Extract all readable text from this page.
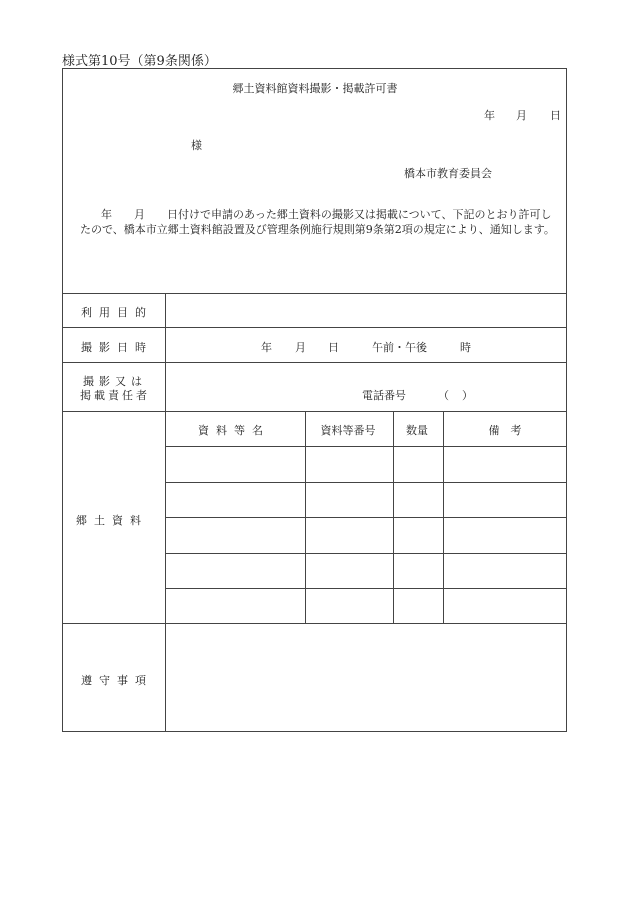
様式第10号（第9条関係）
郷土資料館資料撮影・掲載許可書
年 月 日
様
橋本市教育委員会
年　　月　　日付けで申請のあった郷土資料の撮影又は掲載について、下記のとおり許可し
たので、橋本市立郷土資料館設置及び管理条例施行規則第9条第2項の規定により、通知します。
利用目的
撮影日時	年 月 日	午前・午後	時
撮影又は
掲載責任者	電話番号	（ ）
郷土資料
資料等名	資料等番号	数量	備　考
遵守事項
